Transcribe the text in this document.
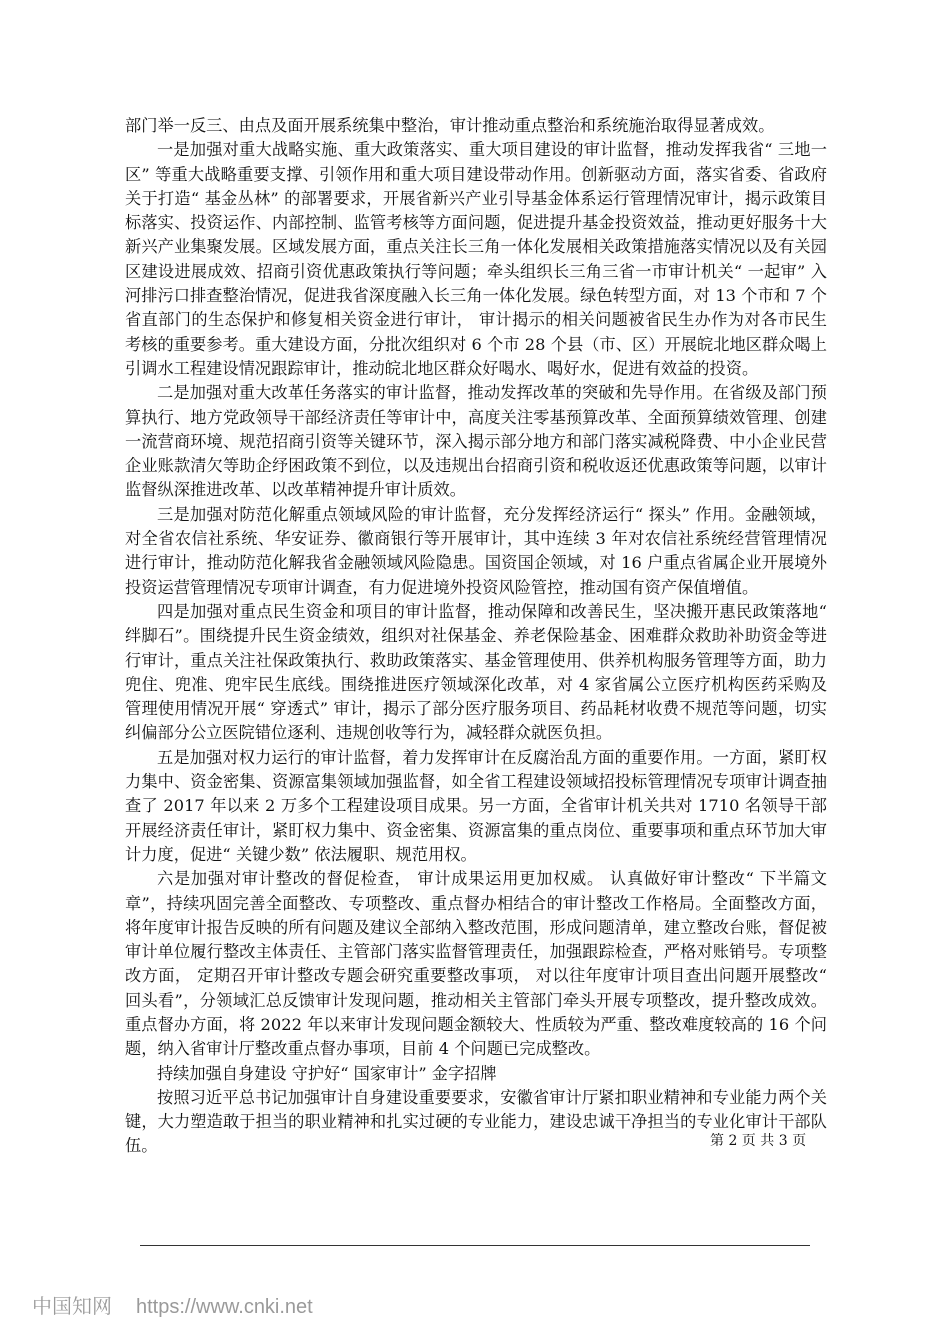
部门举一反三、由点及面开展系统集中整治，审计推动重点整治和系统施治取得显著成效。

一是加强对重大战略实施、重大政策落实、重大项目建设的审计监督，推动发挥我省“ 三地一区” 等重大战略重要支撑、引领作用和重大项目建设带动作用。创新驱动方面，落实省委、省政府关于打造“ 基金丛林” 的部署要求，开展省新兴产业引导基金体系运行管理情况审计，揭示政策目标落实、投资运作、内部控制、监管考核等方面问题，促进提升基金投资效益，推动更好服务十大新兴产业集聚发展。区域发展方面，重点关注长三角一体化发展相关政策措施落实情况以及有关园区建设进展成效、招商引资优惠政策执行等问题；牵头组织长三角三省一市审计机关“ 一起审” 入河排污口排查整治情况，促进我省深度融入长三角一体化发展。绿色转型方面，对 13 个市和 7 个省直部门的生态保护和修复相关资金进行审计， 审计揭示的相关问题被省民生办作为对各市民生考核的重要参考。重大建设方面，分批次组织对 6 个市 28 个县（市、区）开展皖北地区群众喝上引调水工程建设情况跟踪审计，推动皖北地区群众好喝水、喝好水，促进有效益的投资。

二是加强对重大改革任务落实的审计监督，推动发挥改革的突破和先导作用。在省级及部门预算执行、地方党政领导干部经济责任等审计中，高度关注零基预算改革、全面预算绩效管理、创建一流营商环境、规范招商引资等关键环节，深入揭示部分地方和部门落实减税降费、中小企业民营企业账款清欠等助企纾困政策不到位，以及违规出台招商引资和税收返还优惠政策等问题，以审计监督纵深推进改革、以改革精神提升审计质效。

三是加强对防范化解重点领域风险的审计监督，充分发挥经济运行“ 探头” 作用。金融领域，对全省农信社系统、华安证券、徽商银行等开展审计，其中连续 3 年对农信社系统经营管理情况进行审计，推动防范化解我省金融领域风险隐患。国资国企领域，对 16 户重点省属企业开展境外投资运营管理情况专项审计调查，有力促进境外投资风险管控，推动国有资产保值增值。

四是加强对重点民生资金和项目的审计监督，推动保障和改善民生，坚决搬开惠民政策落地“ 绊脚石”。围绕提升民生资金绩效，组织对社保基金、养老保险基金、困难群众救助补助资金等进行审计，重点关注社保政策执行、救助政策落实、基金管理使用、供养机构服务管理等方面，助力兜住、兜准、兜牢民生底线。围绕推进医疗领域深化改革，对 4 家省属公立医疗机构医药采购及管理使用情况开展“ 穿透式” 审计，揭示了部分医疗服务项目、药品耗材收费不规范等问题，切实纠偏部分公立医院错位逐利、违规创收等行为，减轻群众就医负担。

五是加强对权力运行的审计监督，着力发挥审计在反腐治乱方面的重要作用。一方面，紧盯权力集中、资金密集、资源富集领域加强监督，如全省工程建设领域招投标管理情况专项审计调查抽查了 2017 年以来 2 万多个工程建设项目成果。另一方面，全省审计机关共对 1710 名领导干部开展经济责任审计，紧盯权力集中、资金密集、资源富集的重点岗位、重要事项和重点环节加大审计力度，促进“ 关键少数” 依法履职、规范用权。

六是加强对审计整改的督促检查， 审计成果运用更加权威。 认真做好审计整改“ 下半篇文章”，持续巩固完善全面整改、专项整改、重点督办相结合的审计整改工作格局。全面整改方面，将年度审计报告反映的所有问题及建议全部纳入整改范围，形成问题清单，建立整改台账，督促被审计单位履行整改主体责任、主管部门落实监督管理责任，加强跟踪检查，严格对账销号。专项整改方面， 定期召开审计整改专题会研究重要整改事项， 对以往年度审计项目查出问题开展整改“ 回头看”，分领域汇总反馈审计发现问题，推动相关主管部门牵头开展专项整改，提升整改成效。重点督办方面，将 2022 年以来审计发现问题金额较大、性质较为严重、整改难度较高的 16 个问题，纳入省审计厅整改重点督办事项，目前 4 个问题已完成整改。

持续加强自身建设 守护好“ 国家审计” 金字招牌

按照习近平总书记加强审计自身建设重要要求，安徽省审计厅紧扣职业精神和专业能力两个关键，大力塑造敢于担当的职业精神和扎实过硬的专业能力，建设忠诚干净担当的专业化审计干部队伍。	第 2 页 共 3 页
中国知网 https://www.cnki.net
